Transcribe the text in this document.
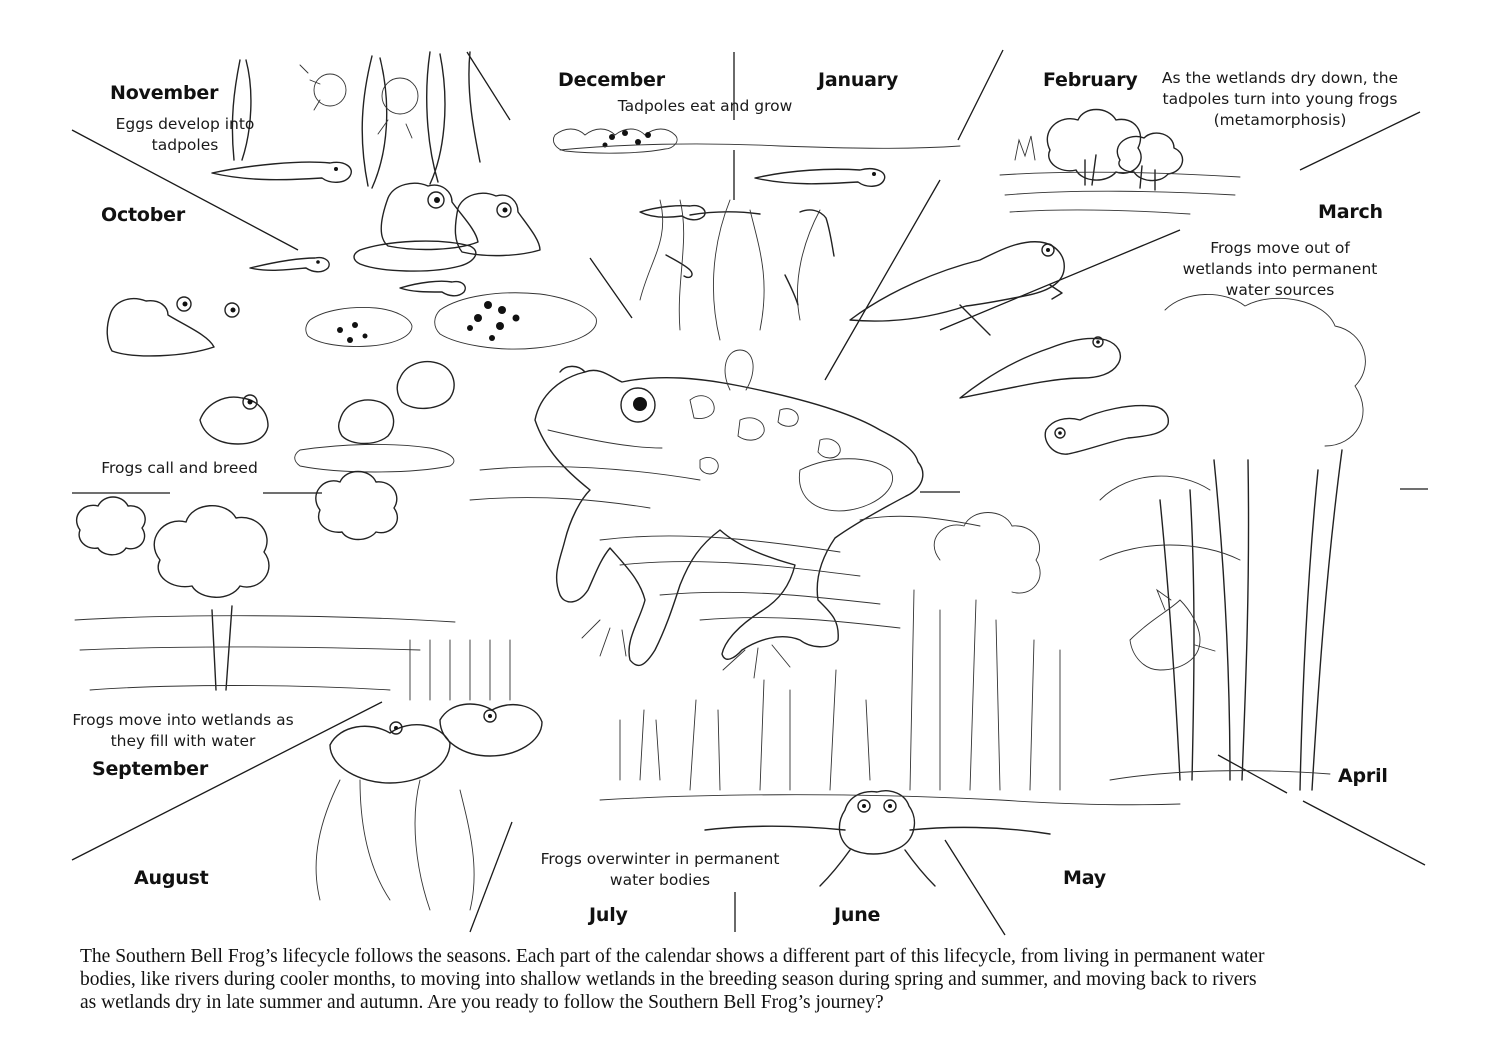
November
December	January	February
October	March
September	April
August	May
July	June
Eggs develop into
tadpoles
Tadpoles eat and grow
As the wetlands dry down, the
tadpoles turn into young frogs
(metamorphosis)
Frogs move out of
wetlands into permanent
water sources
Frogs call and breed
Frogs move into wetlands as
they fill with water
Frogs overwinter in permanent
water bodies
The Southern Bell Frog’s lifecycle follows the seasons. Each part of the calendar shows a different part of this lifecycle, from living in permanent water
bodies, like rivers during cooler months, to moving into shallow wetlands in the breeding season during spring and summer, and moving back to rivers
as wetlands dry in late summer and autumn. Are you ready to follow the Southern Bell Frog’s journey?
